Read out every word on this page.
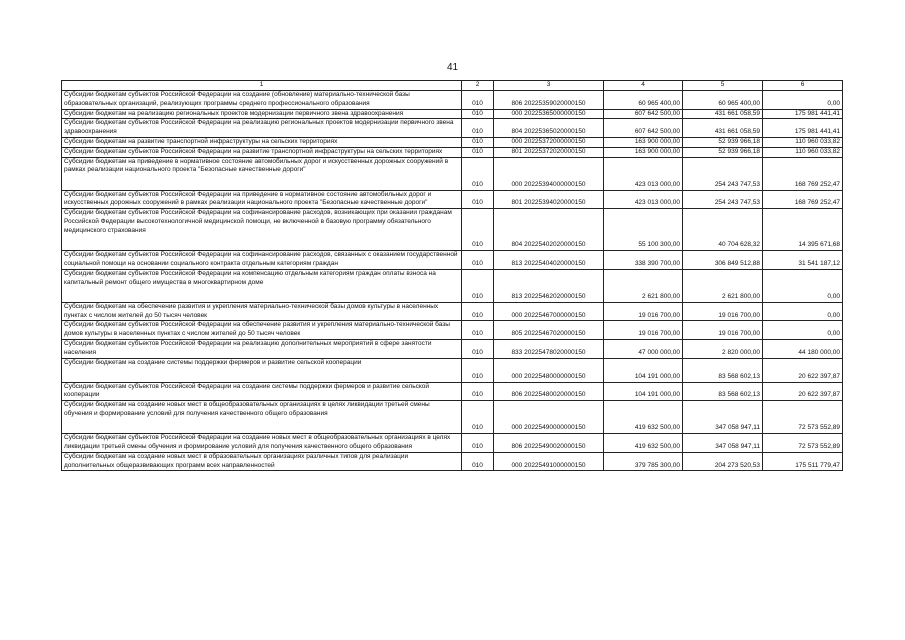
41
1	2	3	4	5	6
Субсидии бюджетам субъектов Российской Федерации на создание (обновление) материально-технической базы образовательных организаций, реализующих программы среднего профессионального образования	010	806 20225359020000150	60 965 400,00	60 965 400,00	0,00
Субсидии бюджетам на реализацию региональных проектов модернизации первичного звена здравоохранения	010	000 20225365000000150	607 642 500,00	431 661 058,59	175 981 441,41
Субсидии бюджетам субъектов Российской Федерации на реализацию региональных проектов модернизации первичного звена здравоохранения	010	804 20225365020000150	607 642 500,00	431 661 058,59	175 981 441,41
Субсидии бюджетам на развитие транспортной инфраструктуры на сельских территориях	010	000 20225372000000150	163 900 000,00	52 939 966,18	110 960 033,82
Субсидии бюджетам субъектов Российской Федерации на развитие транспортной инфраструктуры на сельских территориях	010	801 20225372020000150	163 900 000,00	52 939 966,18	110 960 033,82
Субсидии бюджетам на приведение в нормативное состояние автомобильных дорог и искусственных дорожных сооружений в рамках реализации национального проекта "Безопасные качественные дороги"	010	000 20225394000000150	423 013 000,00	254 243 747,53	168 769 252,47
Субсидии бюджетам субъектов Российской Федерации на приведение в нормативное состояние автомобильных дорог и искусственных дорожных сооружений в рамках реализации национального проекта "Безопасные качественные дороги"	010	801 20225394020000150	423 013 000,00	254 243 747,53	168 769 252,47
Субсидии бюджетам субъектов Российской Федерации на софинансирование расходов, возникающих при оказании гражданам Российской Федерации высокотехнологичной медицинской помощи, не включенной в базовую программу обязательного медицинского страхования	010	804 20225402020000150	55 100 300,00	40 704 628,32	14 395 671,68
Субсидии бюджетам субъектов Российской Федерации на софинансирование расходов, связанных с оказанием государственной социальной помощи на основании социального контракта отдельным категориям граждан	010	813 20225404020000150	338 390 700,00	306 849 512,88	31 541 187,12
Субсидии бюджетам субъектов Российской Федерации на компенсацию отдельным категориям граждан оплаты взноса на капитальный ремонт общего имущества в многоквартирном доме	010	813 20225462020000150	2 621 800,00	2 621 800,00	0,00
Субсидии бюджетам на обеспечение развития и укрепления материально-технической базы домов культуры в населенных пунктах с числом жителей до 50 тысяч человек	010	000 20225467000000150	19 016 700,00	19 016 700,00	0,00
Субсидии бюджетам субъектов Российской Федерации на обеспечение развития и укрепления материально-технической базы домов культуры в населенных пунктах с числом жителей до 50 тысяч человек	010	805 20225467020000150	19 016 700,00	19 016 700,00	0,00
Субсидии бюджетам субъектов Российской Федерации на реализацию дополнительных мероприятий в сфере занятости населения	010	833 20225478020000150	47 000 000,00	2 820 000,00	44 180 000,00
Субсидии бюджетам на создание системы поддержки фермеров и развитие сельской кооперации	010	000 20225480000000150	104 191 000,00	83 568 602,13	20 622 397,87
Субсидии бюджетам субъектов Российской Федерации на создание системы поддержки фермеров и развитие сельской кооперации	010	806 20225480020000150	104 191 000,00	83 568 602,13	20 622 397,87
Субсидии бюджетам на создание новых мест в общеобразовательных организациях в целях ликвидации третьей смены обучения и формирование условий для получения качественного общего образования	010	000 20225490000000150	419 632 500,00	347 058 947,11	72 573 552,89
Субсидии бюджетам субъектов Российской Федерации на создание новых мест в общеобразовательных организациях в целях ликвидации третьей смены обучения и формирование условий для получения качественного общего образования	010	806 20225490020000150	419 632 500,00	347 058 947,11	72 573 552,89
Субсидии бюджетам на создание новых мест в образовательных организациях различных типов для реализации дополнительных общеразвивающих программ всех направленностей	010	000 20225491000000150	379 785 300,00	204 273 520,53	175 511 779,47
